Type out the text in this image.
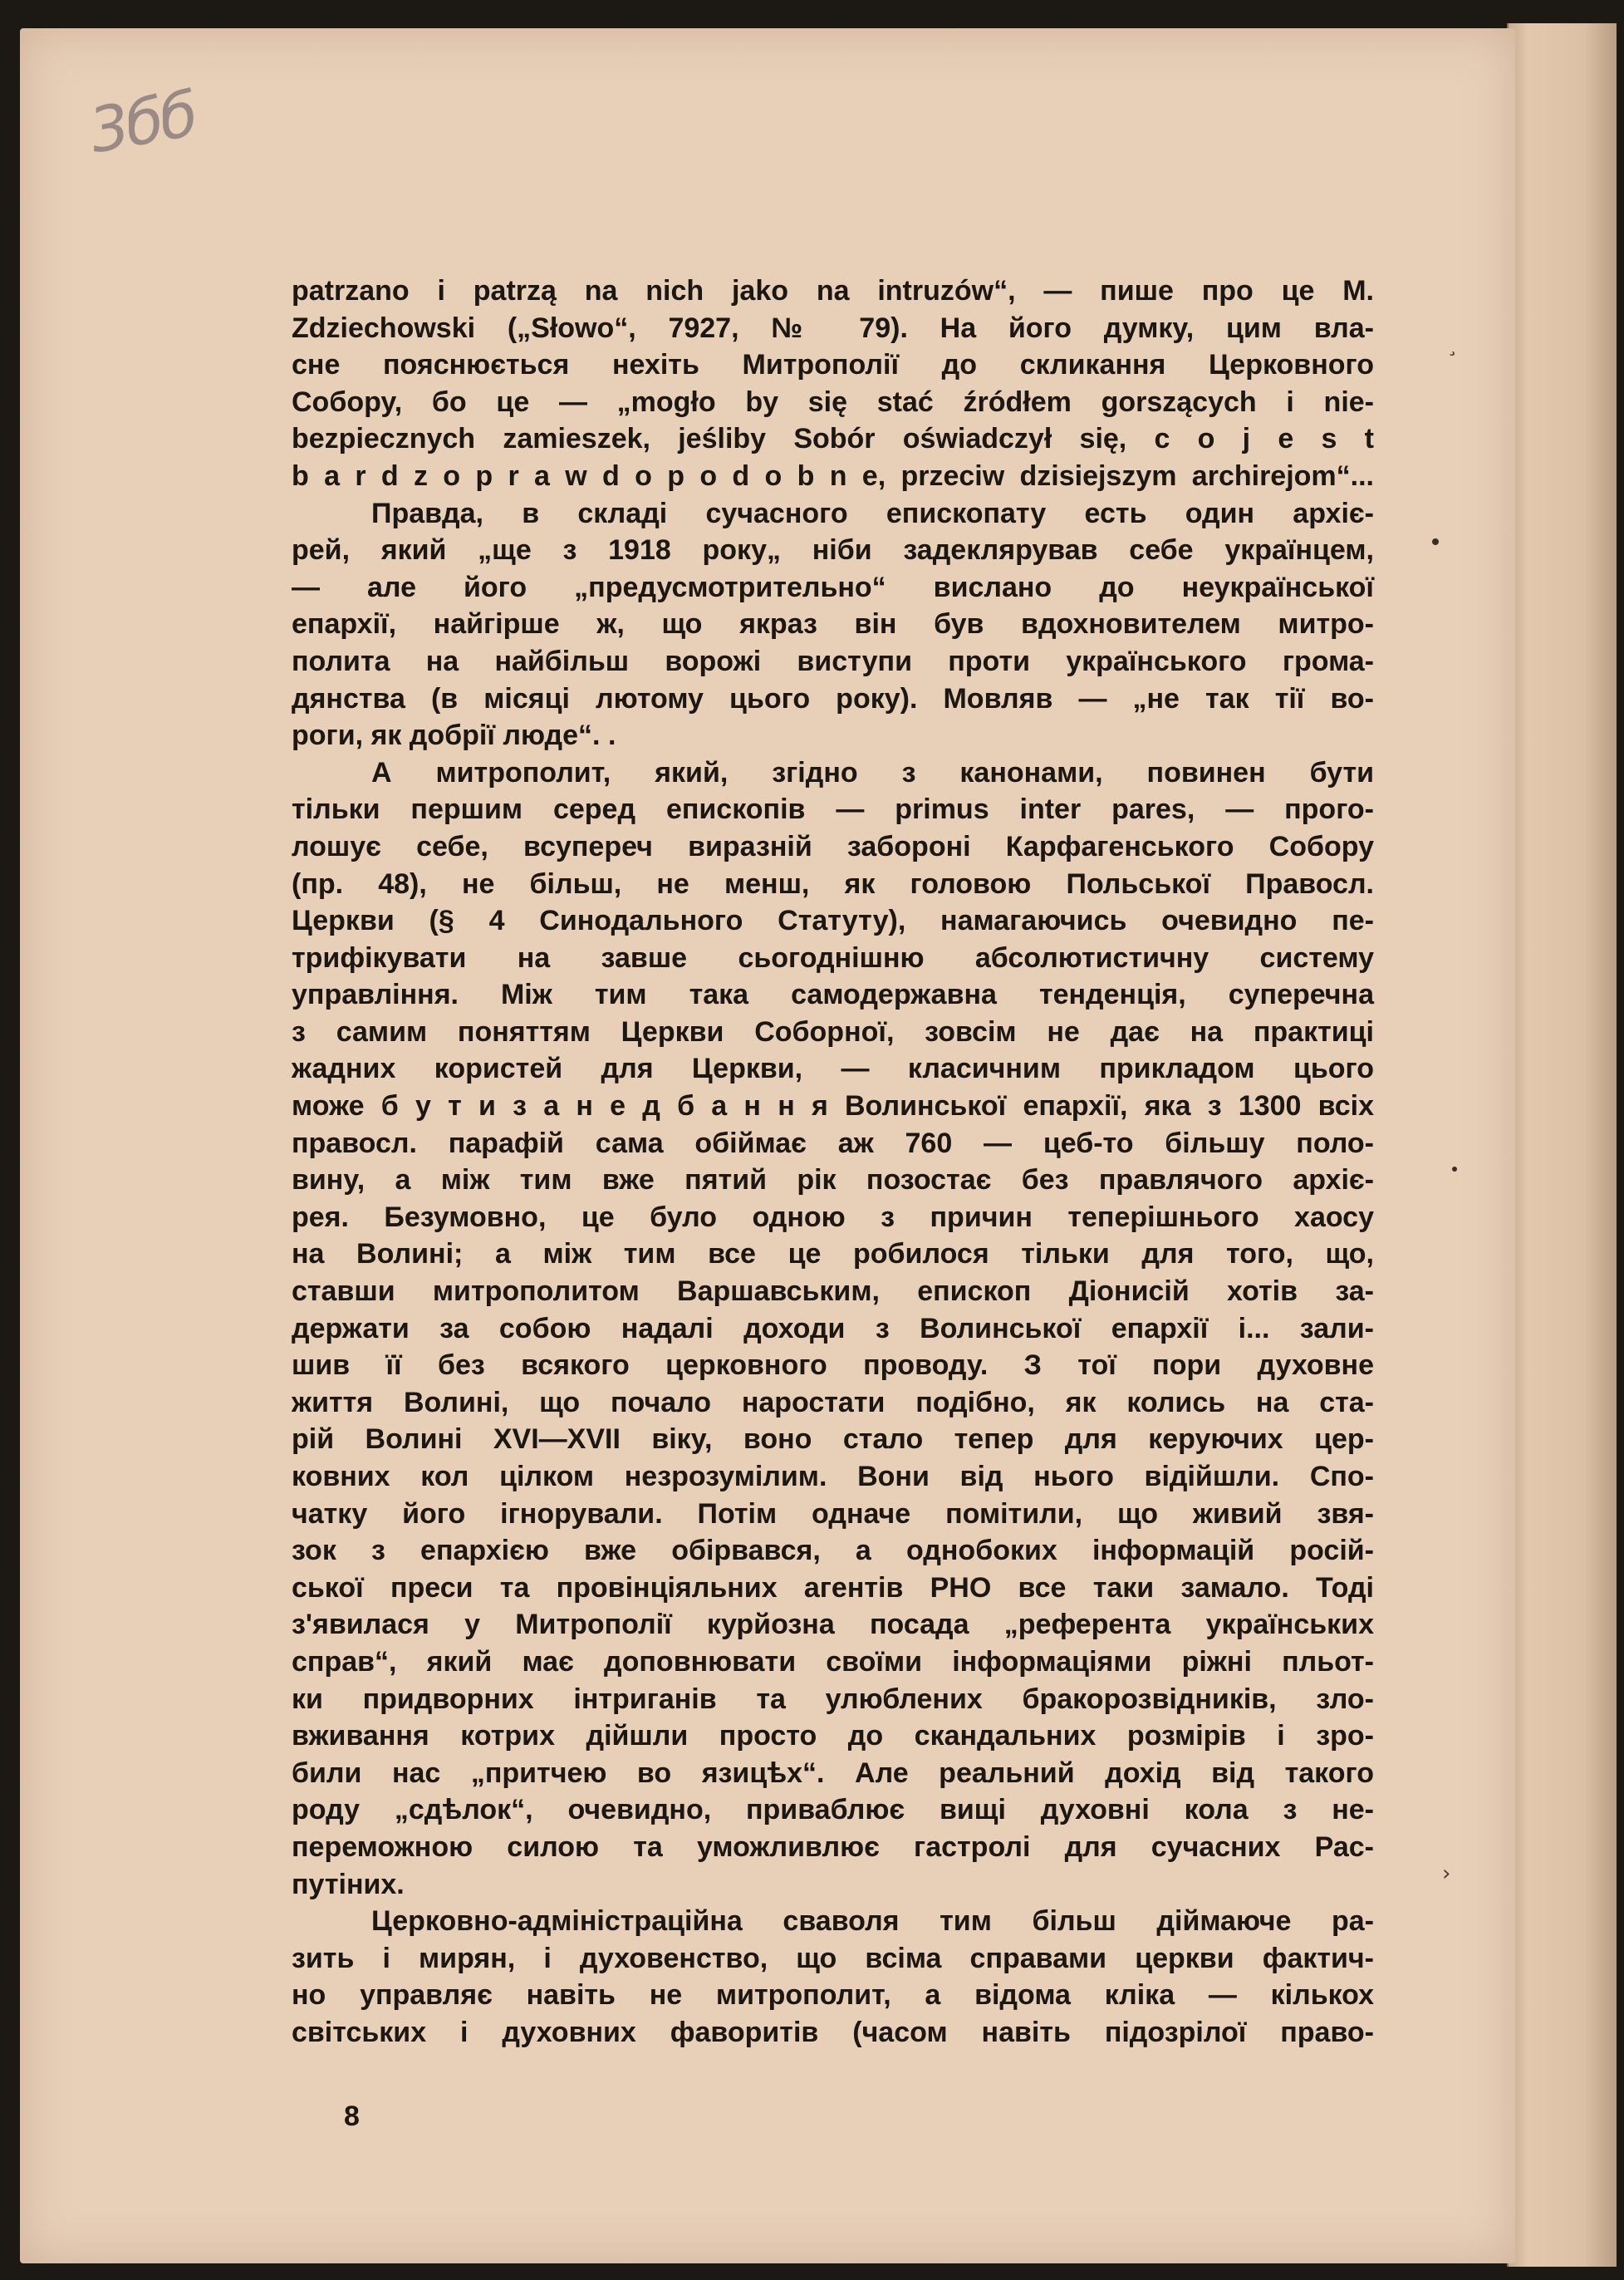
3бб
patrzano i patrzą na nich jako na intruzów“, — пише про це M.
Zdziechowski („Słowo“, 7927, № 79). На його думку, цим вла-
сне пояснюється нехіть Митрополії до скликання Церковного
Собору, бо це — „mogło by się stać źródłem gorszących i nie-
bezpiecznych zamieszek, jeśliby Sobór oświadczył się, c o j e s t
b a r d z o p r a w d o p o d o b n e, przeciw dzisiejszym archirejom“...
Правда, в складі сучасного епископату есть один архіє-
рей, який „ще з 1918 року„ ніби задеклярував себе українцем,
— але його „предусмотрительно“ вислано до неукраїнської
епархії, найгірше ж, що якраз він був вдохновителем митро-
полита на найбільш ворожі виступи проти українського грома-
дянства (в місяці лютому цього року). Мовляв — „не так тії во-
роги, як добрії люде“. .
А митрополит, який, згідно з канонами, повинен бути
тільки першим серед епископів — primus inter pares, — прого-
лошує себе, всупереч виразній заборoні Карфагенського Собору
(пр. 48), не більш, не менш, як головою Польської Правосл.
Церкви (§ 4 Синодального Статуту), намагаючись очевидно пе-
трифікувати на завше сьогоднішню абсолютистичну систему
управління. Між тим така самодержавна тенденція, суперечна
з самим поняттям Церкви Соборної, зовсім не дає на практиці
жадних користей для Церкви, — класичним прикладом цього
може б у т и з а н е д б а н н я Волинської епархії, яка з 1300 всіх
правосл. парафій сама обіймає аж 760 — цеб-то більшу поло-
вину, а між тим вже пятий рік позостає без правлячого архіє-
рея. Безумовно, це було одною з причин теперішнього хаосу
на Волині; а між тим все це робилося тільки для того, що,
ставши митрополитом Варшавським, епископ Діонисій хотів за-
держати за собою надалі доходи з Волинської епархії і... зали-
шив її без всякого церковного проводу. З тої пори духовне
життя Волині, що почало наростати подібно, як колись на ста-
рій Волині XVI—XVII віку, воно стало тепер для керуючих цер-
ковних кол цілком незрозумілим. Вони від нього відійшли. Спо-
чатку його ігнорували. Потім одначе помітили, що живий звя-
зок з епархією вже обірвався, а однобоких інформацій росій-
ської преси та провінціяльних агентів РНО все таки замало. Тоді
з'явилася у Митрополії курйозна посада „референта українських
справ“, який має доповнювати своїми інформаціями ріжні пльот-
ки придворних інтриганів та улюблених бракорозвідників, зло-
вживання котрих дійшли просто до скандальних розмірів і зро-
били нас „притчею во язицѣх“. Але реальний дохід від такого
роду „сдѣлок“, очевидно, приваблює вищі духовні кола з не-
переможною силою та уможливлює гастролі для сучасних Рас-
путіних.
Церковно-адміністраційна сваволя тим більш діймаюче ра-
зить і мирян, і духовенство, що всіма справами церкви фактич-
но управляє навіть не митрополит, а відома кліка — кількох
світських і духовних фаворитів (часом навіть підозрілої право-
8
›
¸
